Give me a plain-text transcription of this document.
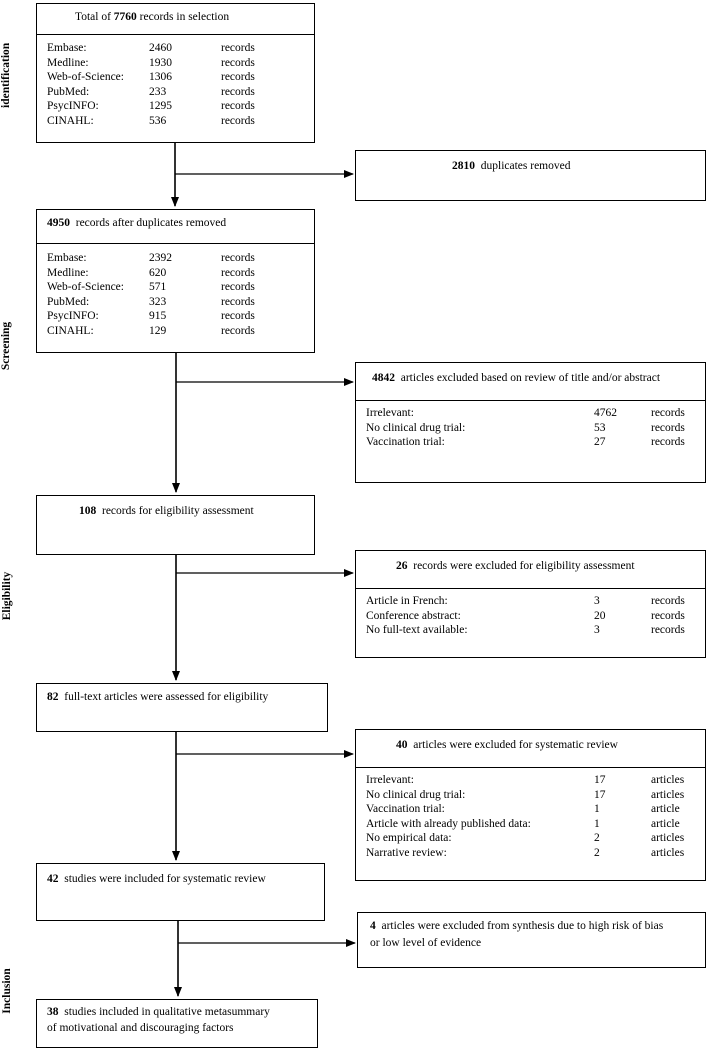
identification
Screening
Eligibility
Inclusion
Total of 7760 records in selection
Embase:	2460	records
Medline:	1930	records
Web-of-Science: 1306	records
PubMed:	233	records
PsycINFO:	1295	records
CINAHL:	536	records
2810 duplicates removed
4950 records after duplicates removed
Embase:	2392	records
Medline:	620	records
Web-of-Science: 571	records
PubMed:	323	records
PsycINFO:	915	records
CINAHL:	129	records
4842 articles excluded based on review of title and/or abstract
Irrelevant:	4762	records
No clinical drug trial:	53	records
Vaccination trial:	27	records
108 records for eligibility assessment
26 records were excluded for eligibility assessment
Article in French:	3	records
Conference abstract:	20	records
No full-text available:	3	records
82 full-text articles were assessed for eligibility
40 articles were excluded for systematic review
Irrelevant:	17	articles
No clinical drug trial:	17	articles
Vaccination trial:	1	article
Article with already published data:	1	article
No empirical data:	2	articles
Narrative review:	2	articles
42 studies were included for systematic review
4 articles were excluded from synthesis due to high risk of bias
or low level of evidence
38 studies included in qualitative metasummary
of motivational and discouraging factors
